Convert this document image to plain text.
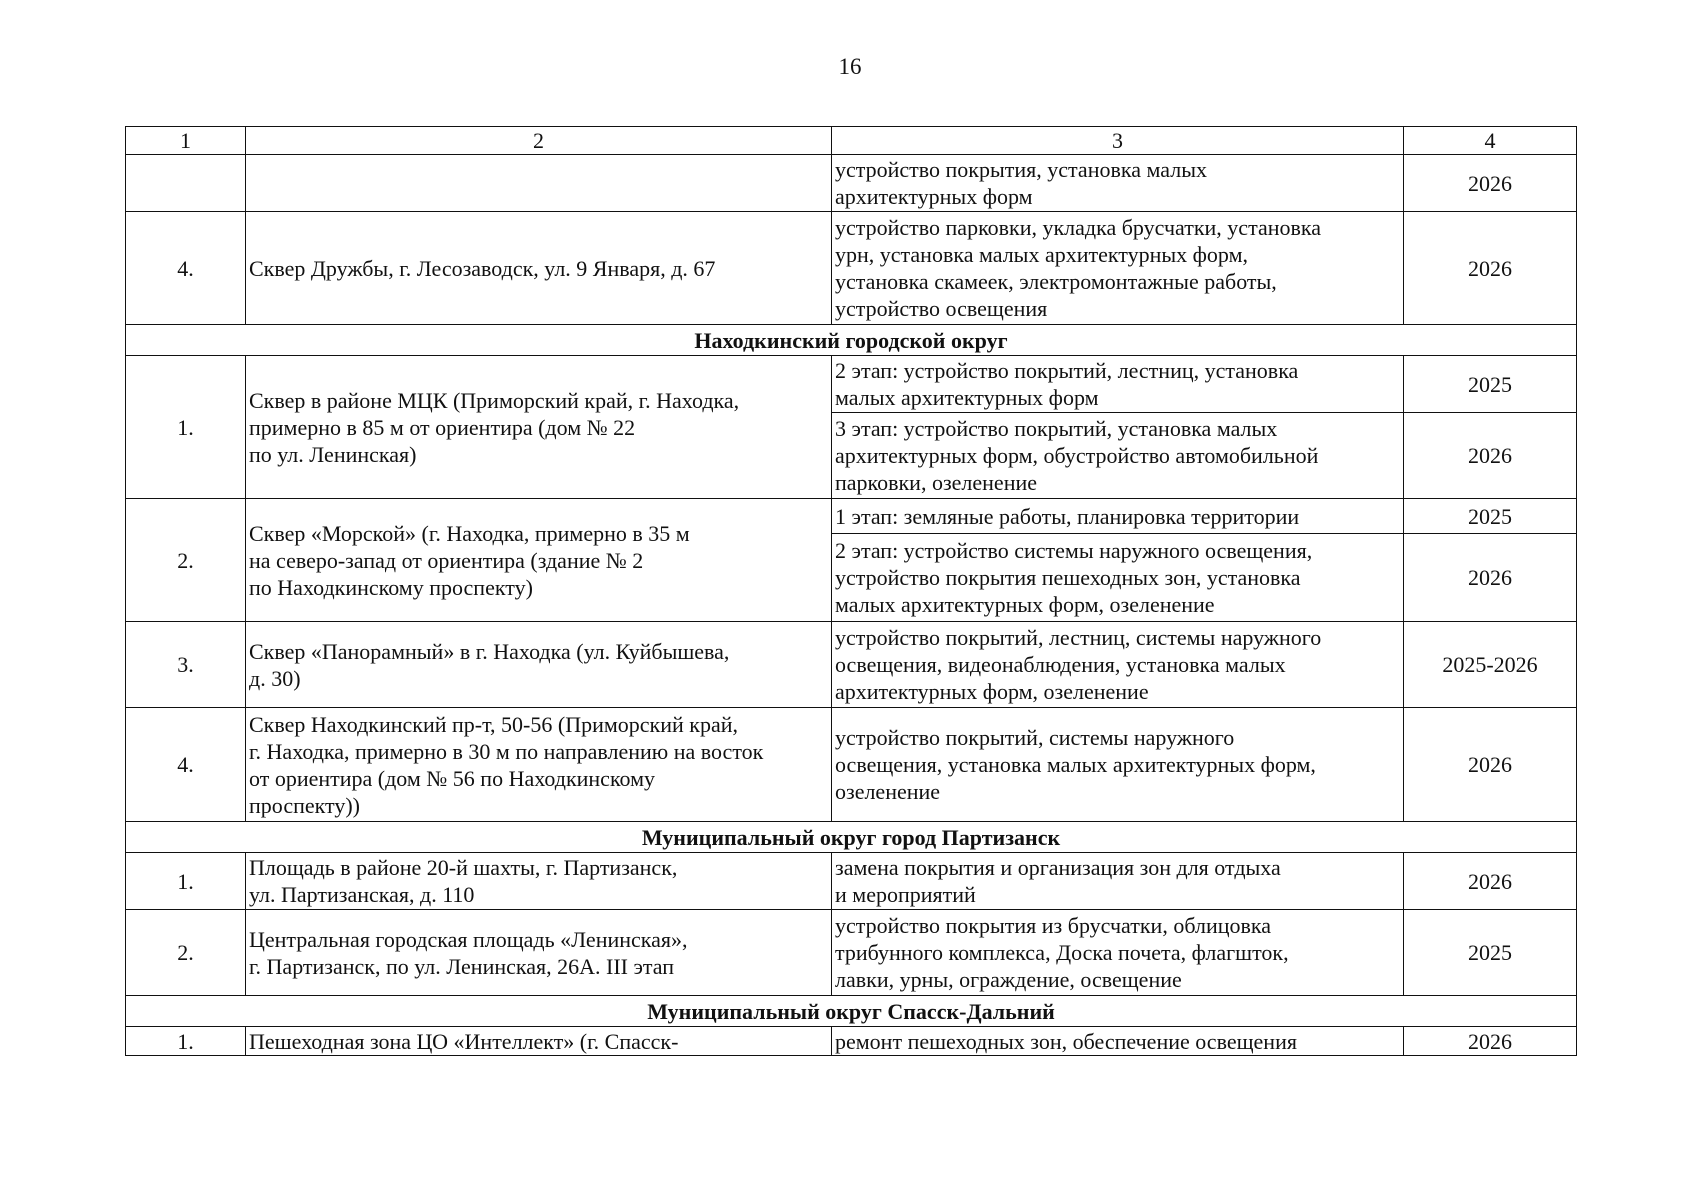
16
1	2	3	4

		устройство покрытия, установка малых
архитектурных форм	2026
4.	Сквер Дружбы, г. Лесозаводск, ул. 9 Января, д. 67	устройство парковки, укладка брусчатки, установка
урн, установка малых архитектурных форм,
установка скамеек, электромонтажные работы,
устройство освещения	2026
Находкинский городской округ			
1.	Сквер в районе МЦК (Приморский край, г. Находка,
примерно в 85 м от ориентира (дом № 22
по ул. Ленинская)	2 этап: устройство покрытий, лестниц, установка
малых архитектурных форм	2025

		3 этап: устройство покрытий, установка малых
архитектурных форм, обустройство автомобильной
парковки, озеленение	2026
2.	Сквер «Морской» (г. Находка, примерно в 35 м
на северо-запад от ориентира (здание № 2
по Находкинскому проспекту)	1 этап: земляные работы, планировка территории	2025

		2 этап: устройство системы наружного освещения,
устройство покрытия пешеходных зон, установка
малых архитектурных форм, озеленение	2026
3.	Сквер «Панорамный» в г. Находка (ул. Куйбышева,
д. 30)	устройство покрытий, лестниц, системы наружного
освещения, видеонаблюдения, установка малых
архитектурных форм, озеленение	2025-2026
4.	Сквер Находкинский пр-т, 50-56 (Приморский край,
г. Находка, примерно в 30 м по направлению на восток
от ориентира (дом № 56 по Находкинскому
проспекту))	устройство покрытий, системы наружного
освещения, установка малых архитектурных форм,
озеленение	2026
Муниципальный округ город Партизанск			
1.	Площадь в районе 20-й шахты, г. Партизанск,
ул. Партизанская, д. 110	замена покрытия и организация зон для отдыха
и мероприятий	2026
2.	Центральная городская площадь «Ленинская»,
г. Партизанск, по ул. Ленинская, 26А. III этап	устройство покрытия из брусчатки, облицовка
трибунного комплекса, Доска почета, флагшток,
лавки, урны, ограждение, освещение	2025
Муниципальный округ Спасск-Дальний			
1.	Пешеходная зона ЦО «Интеллект» (г. Спасск-	ремонт пешеходных зон, обеспечение освещения	2026
